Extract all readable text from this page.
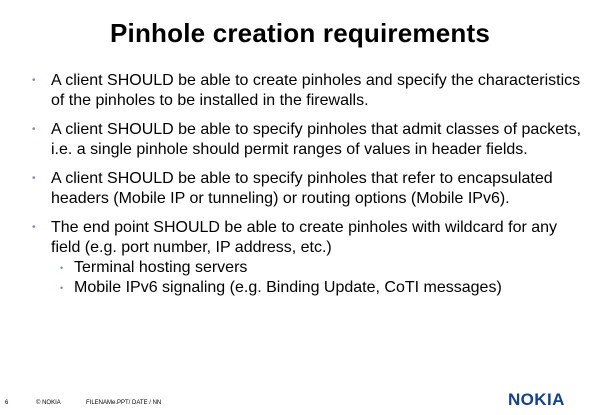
Pinhole creation requirements
• A client SHOULD be able to create pinholes and specify the characteristics of the pinholes to be installed in the firewalls.
• A client SHOULD be able to specify pinholes that admit classes of packets, i.e. a single pinhole should permit ranges of values in header fields.
• A client SHOULD be able to specify pinholes that refer to encapsulated headers (Mobile IP or tunneling) or routing options (Mobile IPv6).
• The end point SHOULD be able to create pinholes with wildcard for any field (e.g. port number, IP address, etc.)
• Terminal hosting servers
• Mobile IPv6 signaling (e.g. Binding Update, CoTI messages)
6	© NOKIA	FILENAMe.PPT/ DATE / NN	NOKIA
